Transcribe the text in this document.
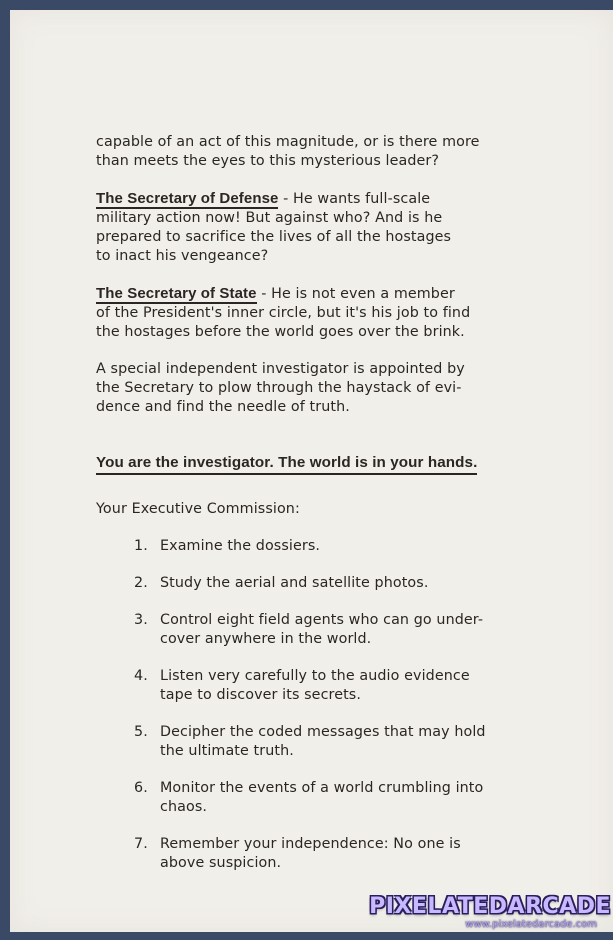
capable of an act of this magnitude, or is there more
than meets the eyes to this mysterious leader?

The Secretary of Defense - He wants full-scale
military action now! But against who? And is he
prepared to sacrifice the lives of all the hostages
to inact his vengeance?

The Secretary of State - He is not even a member
of the President's inner circle, but it's his job to find
the hostages before the world goes over the brink.

A special independent investigator is appointed by
the Secretary to plow through the haystack of evi-
dence and find the needle of truth.

You are the investigator. The world is in your hands.

Your Executive Commission:

1. Examine the dossiers.
2. Study the aerial and satellite photos.
3. Control eight field agents who can go under-
cover anywhere in the world.
4. Listen very carefully to the audio evidence
tape to discover its secrets.
5. Decipher the coded messages that may hold
the ultimate truth.
6. Monitor the events of a world crumbling into
chaos.
7. Remember your independence: No one is
above suspicion.
PIXELATEDARCADE
www.pixelatedarcade.com
